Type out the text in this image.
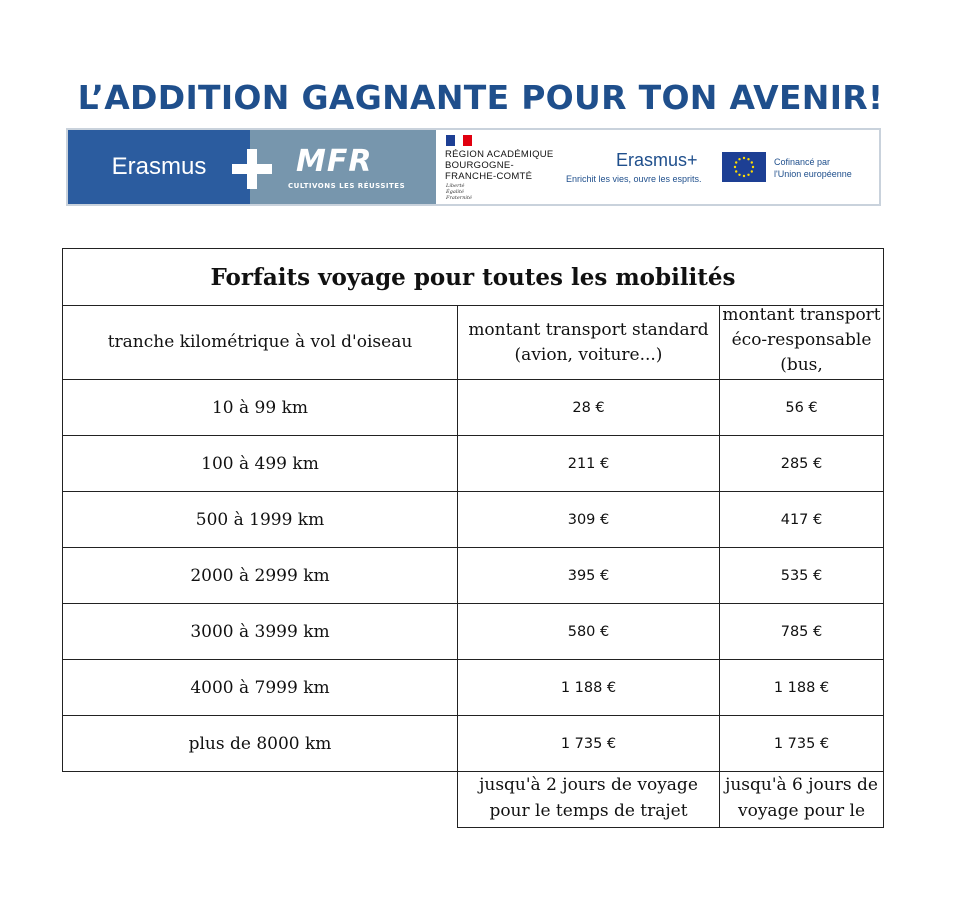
L’ADDITION GAGNANTE POUR TON AVENIR!
Erasmus	MFR
CULTIVONS LES RÉUSSITES
RÉGION ACADÉMIQUE
BOURGOGNE-
FRANCHE-COMTÉ
Liberté
Égalité
Fraternité
Erasmus+
Enrichit les vies, ouvre les esprits.
Cofinancé par
l'Union européenne
Forfaits voyage pour toutes les mobilités		
tranche kilométrique à vol d'oiseau	montant transport standard (avion, voiture...)	montant transport éco-responsable (bus,

10 à 99 km	28 €	56 €
100 à 499 km	211 €	285 €
500 à 1999 km	309 €	417 €
2000 à 2999 km	395 €	535 €
3000 à 3999 km	580 €	785 €
4000 à 7999 km	1 188 €	1 188 €
plus de 8000 km	1 735 €	1 735 €

	jusqu'à 2 jours de voyage pour le temps de trajet	jusqu'à 6 jours de voyage pour le
